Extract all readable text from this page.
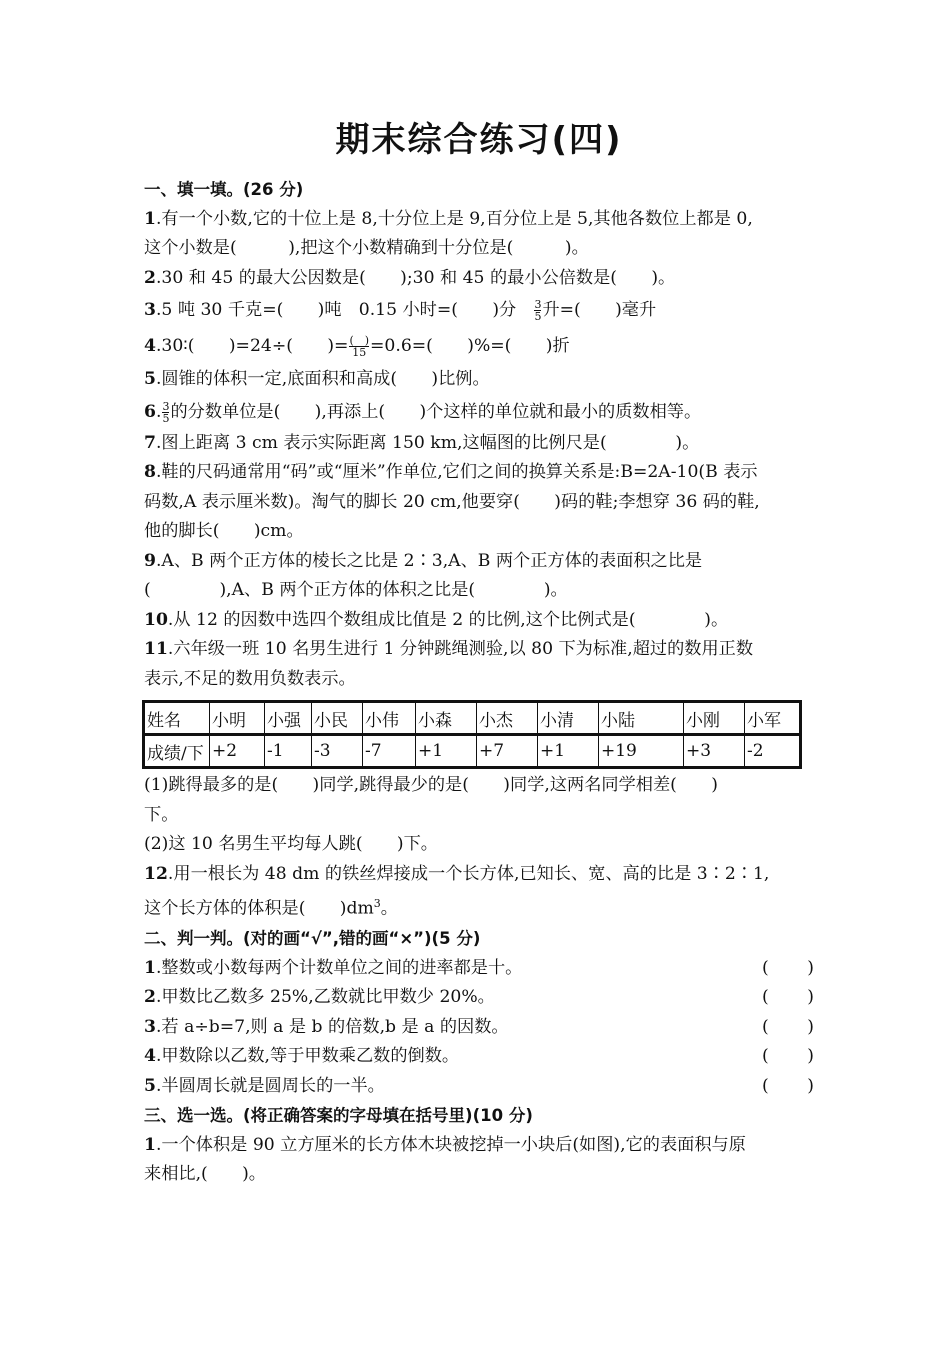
期末综合练习(四)
一、填一填。(26 分)
1.有一个小数,它的十位上是 8,十分位上是 9,百分位上是 5,其他各数位上都是 0,
这个小数是(　　　),把这个小数精确到十分位是(　　　)。
2.30 和 45 的最大公因数是(　　);30 和 45 的最小公倍数是(　　)。
3.5 吨 30 千克=(　　)吨　0.15 小时=(　　)分　 $\frac{3}{5}$ 升=(　　)毫升
4.30∶(　　)=24÷(　　)= $\frac{( )}{15} =0.6=$(　　)%=(　　)折
5.圆锥的体积一定,底面积和高成(　　)比例。
6. $\frac{3}{5}$ 的分数单位是(　　),再添上(　　)个这样的单位就和最小的质数相等。
7.图上距离 3 cm 表示实际距离 150 km,这幅图的比例尺是(　　　　)。
8.鞋的尺码通常用“码”或“厘米”作单位,它们之间的换算关系是:B=2A-10(B 表示
码数,A 表示厘米数)。淘气的脚长 20 cm,他要穿(　　)码的鞋;李想穿 36 码的鞋,
他的脚长(　　)cm。
9.A、B 两个正方体的棱长之比是 2∶3,A、B 两个正方体的表面积之比是
(　　　　),A、B 两个正方体的体积之比是(　　　　)。
10.从 12 的因数中选四个数组成比值是 2 的比例,这个比例式是(　　　　)。
11.六年级一班 10 名男生进行 1 分钟跳绳测验,以 80 下为标准,超过的数用正数
表示,不足的数用负数表示。
姓名	小明	小强	小民	小伟	小森	小杰	小清	小陆	小刚	小军
成绩/下	+2	-1	-3	-7	+1	+7	+1	+19	+3	-2
(1)跳得最多的是(　　)同学,跳得最少的是(　　)同学,这两名同学相差(　　)
下。
(2)这 10 名男生平均每人跳(　　)下。
12.用一根长为 48 dm 的铁丝焊接成一个长方体,已知长、宽、高的比是 3∶2∶1,
这个长方体的体积是(　　)$dm^3$。
二、判一判。(对的画“√”,错的画“×”)(5 分)
1.整数或小数每两个计数单位之间的进率都是十。	( )
2.甲数比乙数多 25%,乙数就比甲数少 20%。	( )
3.若 a÷b=7,则 a 是 b 的倍数,b 是 a 的因数。	( )
4.甲数除以乙数,等于甲数乘乙数的倒数。	( )
5.半圆周长就是圆周长的一半。	( )
三、选一选。(将正确答案的字母填在括号里)(10 分)
1.一个体积是 90 立方厘米的长方体木块被挖掉一小块后(如图),它的表面积与原
来相比,(　　)。
